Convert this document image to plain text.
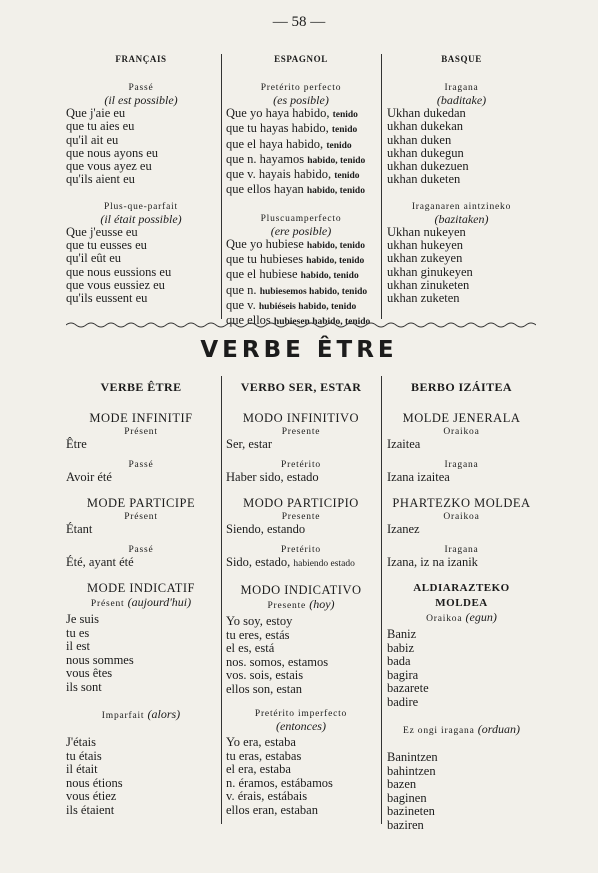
— 58 —
FRANÇAIS
Passé
(il est possible)
Que j'aie eu
que tu aies eu
qu'il ait eu
que nous ayons eu
que vous ayez eu
qu'ils aient eu
Plus-que-parfait
(il était possible)
Que j'eusse eu
que tu eusses eu
qu'il eût eu
que nous eussions eu
que vous eussiez eu
qu'ils eussent eu
ESPAGNOL
Pretérito perfecto
(es posible)
Que yo haya habido, tenido
que tu hayas habido, tenido
que el haya habido, tenido
que n. hayamos habido, tenido
que v. hayais habido, tenido
que ellos hayan habido, tenido
Pluscuamperfecto
(ere posible)
Que yo hubiese habido, tenido
que tu hubieses habido, tenido
que el hubiese habido, tenido
que n. hubiesemos habido, tenido
que v. hubiéseis habido, tenido
que ellos hubiesen habido, tenido
BASQUE
Iragana
(baditake)
Ukhan dukedan
ukhan dukekan
ukhan duken
ukhan dukegun
ukhan dukezuen
ukhan duketen
Iraganaren aintzineko
(bazitaken)
Ukhan nukeyen
ukhan hukeyen
ukhan zukeyen
ukhan ginukeyen
ukhan zinuketen
ukhan zuketen
VERBE ÊTRE
VERBE ÊTRE
MODE INFINITIF
Présent
Être
Passé
Avoir été
MODE PARTICIPE
Présent
Étant
Passé
Été, ayant été
MODE INDICATIF
Présent (aujourd'hui)
Je suis
tu es
il est
nous sommes
vous êtes
ils sont
Imparfait (alors)
J'étais
tu étais
il était
nous étions
vous étiez
ils étaient
VERBO SER, ESTAR
MODO INFINITIVO
Presente
Ser, estar
Pretérito
Haber sido, estado
MODO PARTICIPIO
Presente
Siendo, estando
Pretérito
Sido, estado, habiendo estado
MODO INDICATIVO
Presente (hoy)
Yo soy, estoy
tu eres, estás
el es, está
nos. somos, estamos
vos. sois, estais
ellos son, estan
Pretérito imperfecto
(entonces)
Yo era, estaba
tu eras, estabas
el era, estaba
n. éramos, estábamos
v. érais, estábais
ellos eran, estaban
BERBO IZÁITEA
MOLDE JENERALA
Oraikoa
Izaitea
Iragana
Izana izaitea
PHARTEZKO MOLDEA
Oraikoa
Izanez
Iragana
Izana, iz na izanik
ALDIARAZTEKO MOLDEA
Oraikoa (egun)
Baniz
babiz
bada
bagira
bazarete
badire
Ez ongi iragana (orduan)
Banintzen
bahintzen
bazen
baginen
bazineten
baziren
